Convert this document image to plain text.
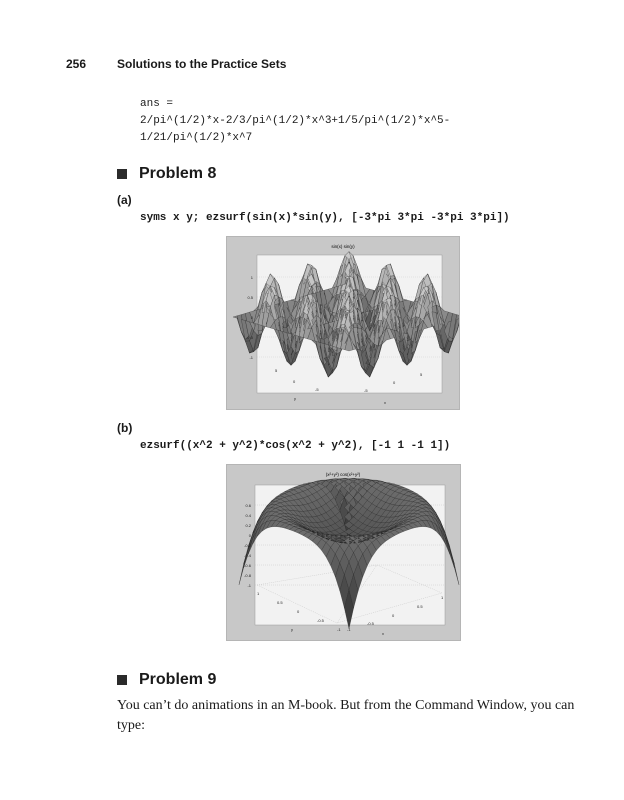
256	Solutions to the Practice Sets
ans =
2/pi^(1/2)*x-2/3/pi^(1/2)*x^3+1/5/pi^(1/2)*x^5-
1/21/pi^(1/2)*x^7
Problem 8
(a)
syms x y; ezsurf(sin(x)*sin(y), [-3*pi 3*pi -3*pi 3*pi])
sin(x) sin(y)
1
0.5
0
-0.5
-1
5
0
-5	-5
0
5
x
y
(b)
ezsurf((x^2 + y^2)*cos(x^2 + y^2), [-1 1 -1 1])
(x²+y²) cos(x²+y²)
0.6
0.4
0.2
0
-0.2
-0.4
-0.6
-0.8
-1
1
0.5
0
-0.5
-1 -1
-0.5
0
0.5
1
x
y
Problem 9
You can’t do animations in an M-book. But from the Command Window, you can type:
